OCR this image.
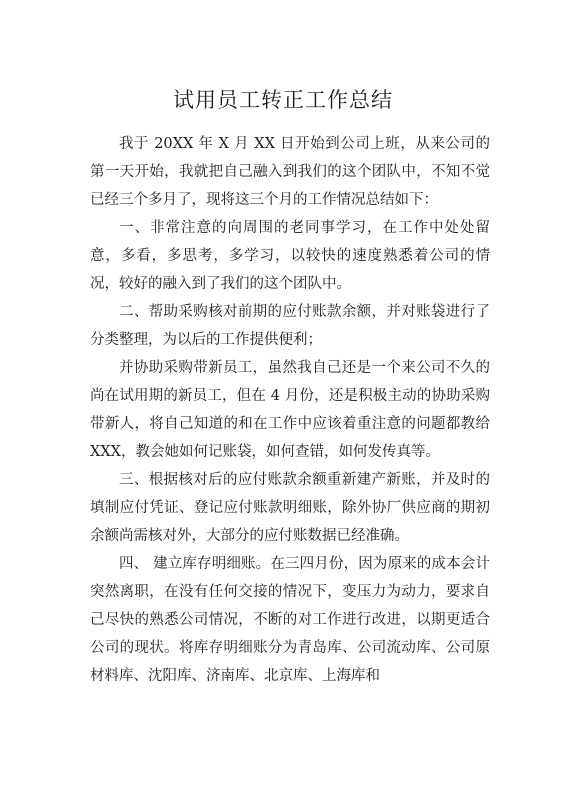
试用员工转正工作总结

我于 20XX 年 X 月 XX 日开始到公司上班，从来公司的第一天开始，我就把自己融入到我们的这个团队中，不知不觉已经三个多月了，现将这三个月的工作情况总结如下：

一、非常注意的向周围的老同事学习，在工作中处处留意，多看，多思考，多学习，以较快的速度熟悉着公司的情况，较好的融入到了我们的这个团队中。

二、帮助采购核对前期的应付账款余额，并对账袋进行了分类整理，为以后的工作提供便利；

并协助采购带新员工，虽然我自己还是一个来公司不久的尚在试用期的新员工，但在 4 月份，还是积极主动的协助采购带新人，将自己知道的和在工作中应该着重注意的问题都教给 XXX，教会她如何记账袋，如何查错，如何发传真等。

三、根据核对后的应付账款余额重新建产新账，并及时的填制应付凭证、登记应付账款明细账，除外协厂供应商的期初余额尚需核对外，大部分的应付账数据已经准确。

四、 建立库存明细账。在三四月份，因为原来的成本会计突然离职，在没有任何交接的情况下，变压力为动力，要求自己尽快的熟悉公司情况，不断的对工作进行改进，以期更适合公司的现状。将库存明细账分为青岛库、公司流动库、公司原材料库、沈阳库、济南库、北京库、上海库和
